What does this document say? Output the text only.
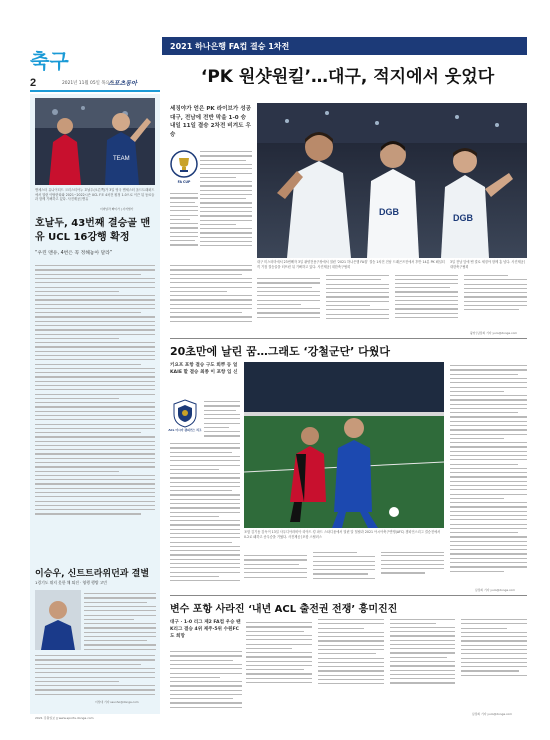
축구
2	2021년 11월 05일 목요일
스포츠동아
2021 하나은행 FA컵 결승 1차전
TEAM
맨체스터 유나이티드 크리스티아누 호날두(오른쪽)가 3일 영국 맨체스터 올드트래퍼드에서 열린 아탈란타와 2021~2022시즌 UCL F조 4차전 원정 1-0으로 이끈 뒤 동료들과 함께 기뻐하고 있다. 사진제공│맨유
이바닐라 빠이가 | 사커엘가
호날두, 43번째 결승골 맨유 UCL 16강행 확정
“우린 맨유, 4번은 꼭 정해놓아 달라”
이승우, 신트트라위던과 결별
1경기도 뛰지 못한 채 퇴진 · 영행 행방 고민
이상대 기자 ssunho@donga.com
2021 강원일보 ‖ www.sports.donga.com
‘PK 원샷원킬’…대구, 적지에서 웃었다
세징야가 얻은 PK 라이브가 성공 대구, 전남에 전반 막을 1-0 승 내일 11일 결승 2차전 비겨도 우승
FA CUP
DGB
DGB
대구 미스터미에서 23번째자 3일 광양전용구장에서 열린 ‘2021 하나은행 FA컵’ 결승 1차전 전남 드래곤즈전에서 후반 14분 PK 페널티킥 기점 결승골을 터뜨린 뒤 기뻐하고 있다. 사진제공│대한축구협회
3일 전남 앞에 벤 결로 세징야 함께 흩 넘다. 사진제공│대한축구협회
광양│남장희 기자 yuro@donga.com
20초만에 날린 꿈…그래도 ‘강철군단’ 다웠다
키요프 포항 결승 구도 희뿌 등 얼 KAIE 할 결승 최종 이 포항 입 신
ACL 아시아 챔피언스 리그
포항 김기동 감독이 13일 사우디아라비아 리야드 킹 파드 스타디움에서 열린 알 힐랄과 2021 아시아축구연맹(AFC) 챔피언스리그 결승전에서 0-2로 패하고 준우승을 거뒀다. 사진제공│포항 스틸러스
남장희 기자 yuro@donga.com
변수 포항 사라진 ‘내년 ACL 출전권 전쟁’ 흥미진진
대구 · 1-0 리그 제2 FA컵 우승 땐 K리그 결승 4위 제주·5위 수원FC도 희망
남장희 기자 yuro@donga.com
